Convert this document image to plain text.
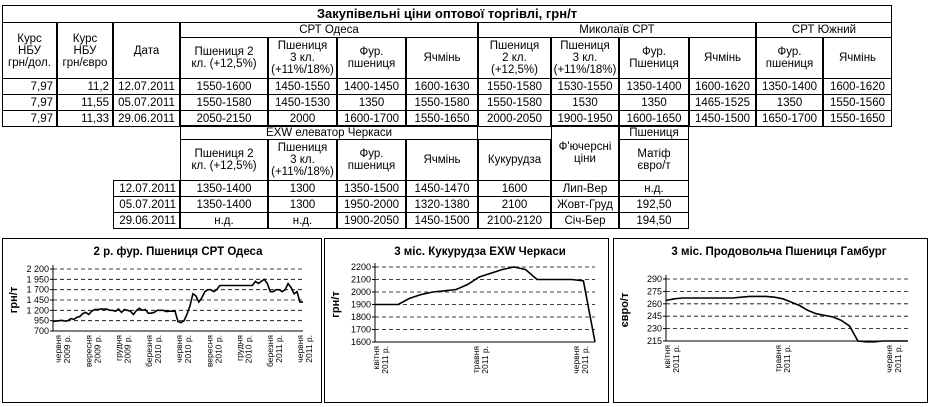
Закупівельні ціни оптової торгівлі, грн/т
Курс
НБУ
грн/дол.
Курс
НБУ
грн/євро
Дата
СРТ Одеса	Миколаїв СРТ	СРТ Южний
Пшениця 2
кл. (+12,5%)
Пшениця
3 кл.
(+11%/18%)
Фур.
пшениця	Ячмінь
Пшениця
2 кл.
(+12,5%)
Пшениця
3 кл.
(+11%/18%)
Фур.
Пшениця	Ячмінь	Фур.
пшениця	Ячмінь
7,97	11,2 12.07.2011	1550-1600	1450-1550	1400-1450	1600-1630	1550-1580	1530-1550	1350-1400	1600-1620	1350-1400	1600-1620
7,97	11,55 05.07.2011	1550-1580	1450-1530	1350	1550-1580	1550-1580	1530	1350	1465-1525	1350	1550-1560
7,97	11,33 29.06.2011	2050-2150	2000	1600-1700	1550-1650	2000-2050	1900-1950	1600-1650	1450-1500	1650-1700	1550-1650
EXW елеватор Черкаси	Пшениця
Пшениця 2
кл. (+12,5%)
Пшениця
3 кл.
(+11%/18%)
Фур.
пшениця	Ячмінь	Кукурудза
Ф'ючерсні
ціни	Матіф
євро/т
12.07.2011	1350-1400	1300	1350-1500	1450-1470	1600	Лип-Вер	н.д.
05.07.2011	1350-1400	1300	1950-2000	1320-1380	2100	Жовт-Груд	192,50
29.06.2011	н.д.	н.д.	1900-2050	1450-1500	2100-2120	Січ-Бер	194,50
2 р. фур. Пшениця СРТ Одеса
грн/т
700
950
1 200
1 450
1 700
1 950
2 200
червня 2009 р. вересня 2009 р. грудня 2009 р. березня 2010 р. червня 2010 р. вересня 2010 р. грудня 2010 р. березня 2011 р. червня 2011 р.
3 міс. Кукурудза EXW Черкаси
грн/т
1600
1700
1800
1900
2000
2100
2200
квітня 2011 р.	травня 2011 р.	червня 2011 р.
3 міс. Продовольча Пшениця Гамбург
євро/т
215
230
245
260
275
290
квітня 2011 р.	травня 2011 р.	червня 2011 р.
